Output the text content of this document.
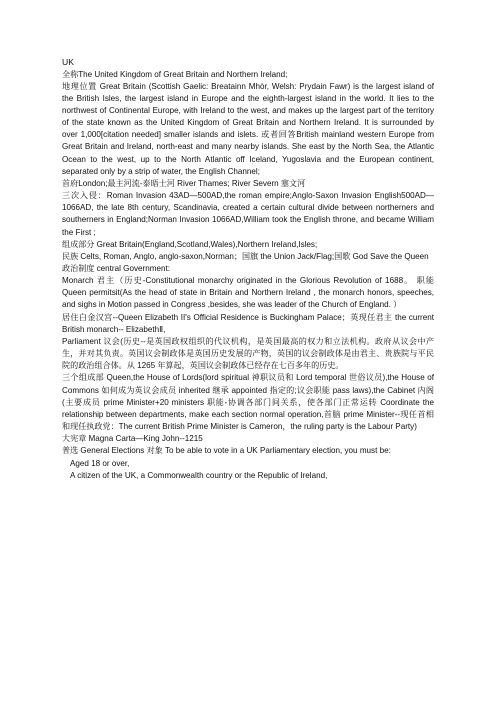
UK

全称The United Kingdom of Great Britain and Northern Ireland;

地理位置 Great Britain (Scottish Gaelic: Breatainn Mhòr, Welsh: Prydain Fawr) is the largest island of the British Isles, the largest island in Europe and the eighth-largest island in the world. It lies to the northwest of Continental Europe, with Ireland to the west, and makes up the largest part of the territory of the state known as the United Kingdom of Great Britain and Northern Ireland. It is surrounded by over 1,000[citation needed] smaller islands and islets. 或者回答British mainland western Europe from Great Britain and Ireland, north-east and many nearby islands. She east by the North Sea, the Atlantic Ocean to the west, up to the North Atlantic off Iceland, Yugoslavia and the European continent, separated only by a strip of water, the English Channel;

首府London;最主河流-泰晤士河 River Thames; River Severn 塞文河

三次入侵：Roman Invasion 43AD—500AD,the roman empire;Anglo-Saxon Invasion English500AD—1066AD, the late 8th century, Scandinavia, created a certain cultural divide between northerners and southerners in England;Norman Invasion 1066AD,William took the English throne, and became William the First ;

组成部分 Great Britain(England,Scotland,Wales),Northern Ireland,Isles;

民族 Celts, Roman, Anglo, anglo-saxon,Norman；国旗 the Union Jack/Flag;国歌 God Save the Queen

政治制度 central Government:

Monarch 君主（历史-Constitutional monarchy originated in the Glorious Revolution of 1688。 职能 Queen permitsit(As the head of state in Britain and Northern Ireland , the monarch honors, speeches, and sighs in Motion passed in Congress ,besides, she was leader of the Church of England. ）

居住白金汉宫--Queen Elizabeth II's Official Residence is Buckingham Palace；英现任君主 the current British monarch-- ElizabethⅡ,

Parliament 议会(历史--是英国政权组织的代议机构，是英国最高的权力和立法机构。政府从议会中产生，并对其负责。英国议会制政体是英国历史发展的产物，英国的议会制政体是由君主、贵族院与平民院的政治组合体。从 1265 年算起，英国议会制政体已经存在七百多年的历史。

三个组成部 Queen,the House of Lords(lord spiritual 神职议员和 Lord temporal 世俗议员),the House of Commons 如何成为英议会成员 inherited 继承 appointed 指定的;议会职能 pass laws),the Cabinet 内阁(主要成员 prime Minister+20 ministers 职能-协调各部门间关系，使各部门正常运转 Coordinate the relationship between departments, make each section normal operation,首脑 prime Minister--现任首相和现任执政党：The current British Prime Minister is Cameron，the ruling party is the Labour Party)

大宪章 Magna Carta—King John--1215

普选 General Elections 对象 To be able to vote in a UK Parliamentary election, you must be:

Aged 18 or over,

A citizen of the UK, a Commonwealth country or the Republic of Ireland,
